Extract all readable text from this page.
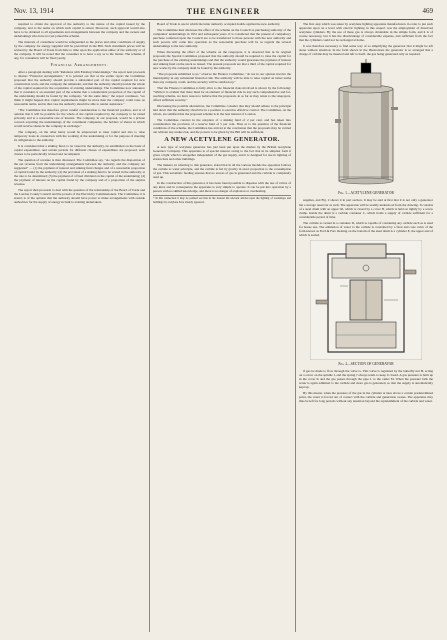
Nov. 13, 1914	THE ENGINEER	469

required to obtain the approval of the authority to the nature of the capital issued by the company, and to the terms on which such capital is raised. Moreover, such approval would also have to be obtained to all agreements and arrangements between the company and the owners and undertakings who have not yet joined the scheme.

The interests of consumers would be safeguarded as the prices and other conditions of supply by the company for energy supplied will be prescribed in the Bill. Such maximum prices will be revised by the Board of Trade from time to time upon the application either of the authority or of the company. It will be noted that the consumer is to have a say as to the matter. The scheme, if any, for consumers will be fixed yearly.

Financial Arrangements.

After a paragraph dealing with "Relations with Existing Undertakings," the report next proceeds to discuss "Financial Arrangements." It is pointed out that as the earlier report the Committee proposed that the authority should provide a substantial part of the capital required for new construction work, and the company the remainder, and that the authority should provide the whole of the capital required for the acquisition of existing undertakings. The Committee now announce that it considers it an essential part of the scheme that a considerable proportion of the capital of the undertaking should be found by the company. "At the same time," the report continues, "we think it might happen that capital requirements might be more than the company could raise on reasonable terms, and in that case the authority should be able to render assistance."

"The Committee has therefore given careful consideration to the financial position, and is of opinion that it will be possible for the whole of the capital required by the company to be raised privately and at a reasonable rate of interest. The company, in our proposal, would be a private concern acquiring the undertakings of the constituent companies, the holders of shares in which would receive shares in the company in exchange."

The company, on the other hand, would be empowered to raise capital and also to raise temporary loans in connection with the working of the undertaking or for the purpose of meeting its obligations to the authority.

It is considered that a sinking fund, to be vested in the authority, be established on the basis of capital expenditure, and certain periods for different classes of expenditure are proposed, such classes to be periodically revised and recomputed.

The question of revenue is then discussed. The Committee say, "As regards the disposition of the net revenue from the undertaking arrangements between the authority and the company are suggested" — (1) the payment of interest and sinking fund charges and of a reasonable proportion of capital found by the authority; (2) the provision of a sinking fund to be vested in the authority, at the rate to be determined; (3) the payment of a fixed dividend on the capital of the undertaking; (4) the payment of interest on the capital found by the company and of a proportion of the surplus revenue.

The report then proceeds to deal with the question of the relationship of the Board of Trade and the London County Council and the powers of the Electricity Commissioners. The Committee, it is stated, is of the opinion that the authority should have power to make arrangements with outside authorities for the supply of energy in bulk to existing undertakers.

Board of Trade is one in which the latter authority occupied double against the new authority.

The Committee then discusses the effect of the scheme on the Council as purchasing authority of the companies' undertakings in 1931 and subsequent years. It is considered that the present of compulsory purchase conferred upon the Council are to be transferred to those persons with the new authority and such powers will come into operation as the reasonable purchase will be as regards the several undertakings to the new authority.

When discussing the effect of the scheme on the ratepayers, it is observed that in its original proposals the Special Committee proposed that the authority should be required to raise the capital for the purchase of the existing undertakings and that the authority would guarantee the payment of interest and sinking fund on the stock so issued. The present proposals are that a third of the capital required for new works by the company shall be found by the authority.

"The proposals submitted to us," observe the Finance Committee, "do not in our opinion involve the municipality in any substantial financial risk. The authority will be able to raise capital on better terms than any company could, and the security will be satisfactory."

That the Finance Committee is fully alive to the financial risks involved is shown by the following: "While it is evident that there must be an element of financial risk in any such comprehensive and far-reaching scheme, we have reason to believe that the proposals, in so far as they relate to the ratepayers, afford sufficient security."

Discussing the possible alternatives, the Committee consider that they should adhere to the principle laid down that the authority should be in a position to exercise effective control. The Committee, on the whole, are satisfied that the proposed scheme is in the best interest of London.

The Committee concurs in the adoption of a sinking fund of 2 per cent. and has taken into consideration the provision of a reserve fund of 5 per cent. Thus as to the question of the financial conditions of the scheme, the Committee has arrived at the conclusion that the proposals may be carried out without any undue risk, and the powers to be given by the Bill will be sufficient.

A NEW ACETYLENE GENERATOR.

A new type of acetylene generator has just been put upon the market by the British Acetylene Generator Company. This apparatus is of special interest owing to the fact that in its simplest form it gives a light which is altogether independent of the gas supply, and it is designed for use in lighting of station huts and other buildings.

The makers, in referring to this generator, stated that in all the various models the apparatus follows the carbide to water principle, and the carbide is fed by gravity in exact proportion to the consumption of gas. This automatic feeding ensures that no excess of gas is generated and the carbide is completely used up.

In the construction of this generator, it has been found possible to dispense with the use of valves of any kind, and in consequence the apparatus is very simple to operate. It can be put into operation by a person with no skilled knowledge, and there is no danger of explosion or overheating.

* In this connection it may be pointed out that in the Journal the relevant articles upon the lighting of workshops and buildings by acetylene have already appeared.

The first step which was taken by acetylene lighting apparatus manufacturers in order to put such apparatus upon on a level with electric lighting in this respect was the employment of dissolved acetylene cylinders. By the use of these gas is always obtainable in the simple form, and it is of course necessary, but it has the disadvantage of considerable expense, and sufficient from the fact that the cylinders could not be recharged at home.

It was therefore necessary to find some way of so simplifying the generator that it might be left alone without attention. In the form shown in the illustrations the generator is so arranged that a charge of carbide may be inserted and left to itself, the gas being generated only as required.

Fig. 1—ACETYLENE GENERATOR

supplies, and Fig. 2 shows it in part section. It may be said at first that it is not only a generator but a storage reservoir as well. The apparatus will be readily understood from the drawing. It consists of a steel drum with an upper lid, which is closed by a cover B, which is held on tightly by a screw clamp. Inside the drum is a carbide container C, which holds a supply of carbide sufficient for a considerable period of time.

The carbide is carried in a container D, which is capable of containing any carbide such as is used for house use. The admission of water to the carbide is controlled by a float and cone valve of the form known as Ford & Farr. Resting on the bottom of the steel drum is a cylinder E, the upper end of which is sealed.

Fig. 2—SECTION OF GENERATOR

if gas be made to flow through the valve G. This valve is regulated by the butterfly nut H, acting on a screw on the spindle I, and the spring J always tends to keep it closed. A gas pressure is built up in the cover K and the gas passes through the pipe L to the outlet M. When the pressure falls the water is again admitted to the carbide and more gas is generated, so that the supply is automatically kept up.

By this means, when the pressure of the gas in the cylinder A rises above a certain predetermined point, the water is forced out of contact with the carbide and generation ceases. The apparatus may thus be left for long periods without any attention beyond the replenishment of the carbide and water.
